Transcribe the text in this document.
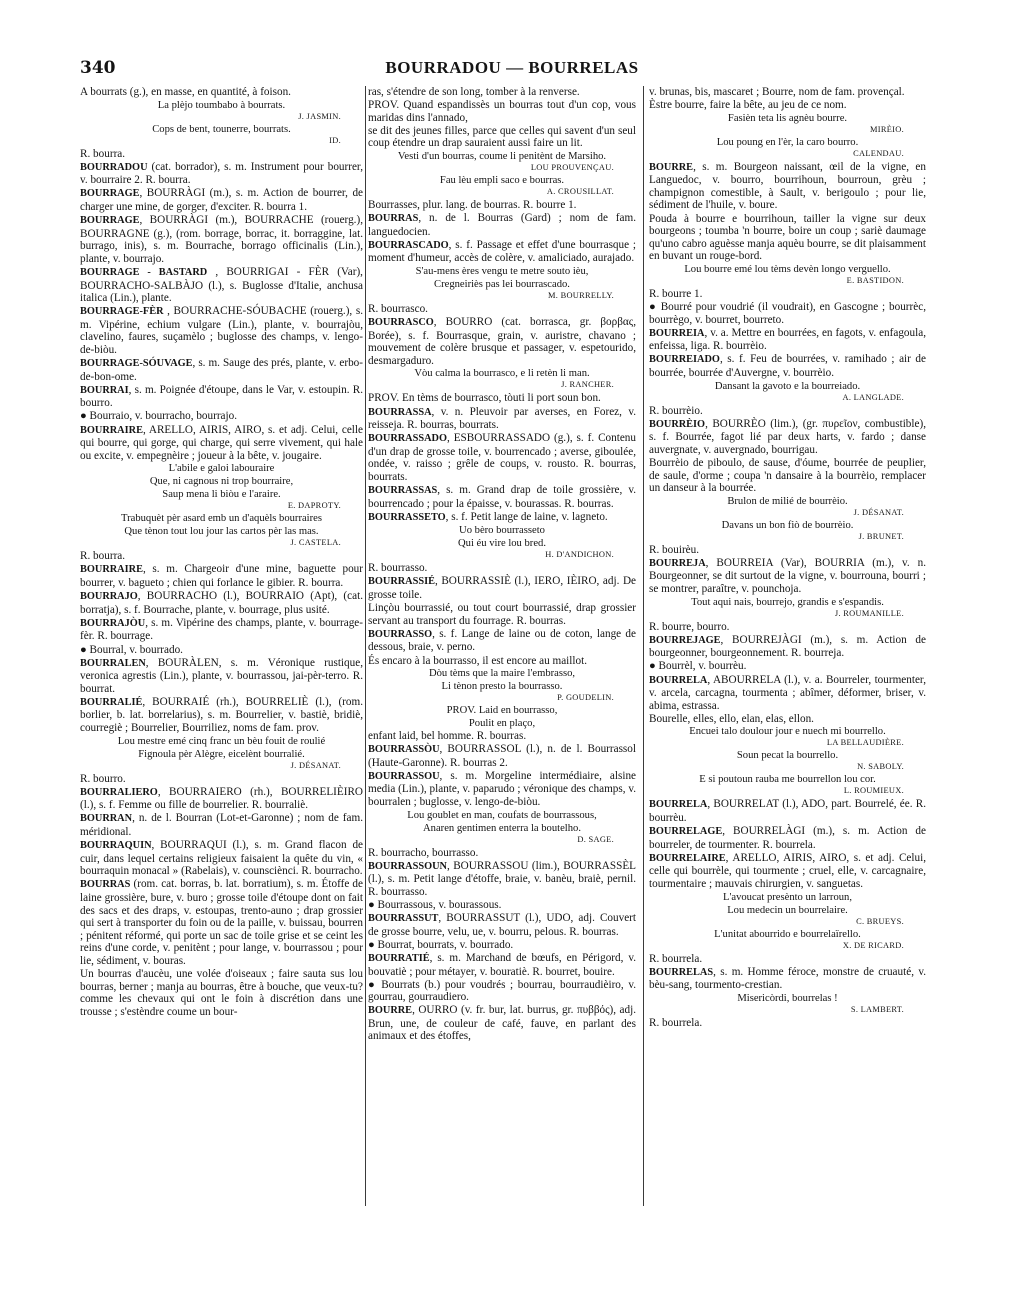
340	BOURRADOU — BOURRELAS
A bourrats (g.), en masse, en quantité, à foison.
La plèjo toumbabo à bourrats.
J. JASMIN.
Cops de bent, tounerre, bourrats.
ID.
R. bourra.
BOURRADOU (cat. borrador), s. m. Instrument pour bourrer, v. bourraire 2. R. bourra.
BOURRAGE, BOURRÀGI (m.), s. m. Action de bourrer, de charger une mine, de gorger, d'exciter. R. bourra 1.
BOURRAGE, BOURRÀGI (m.), BOURRACHE (rouerg.), BOURRAGNE (g.), (rom. borrage, borrac, it. borraggine, lat. burrago, inis), s. m. Bourrache, borrago officinalis (Lin.), plante, v. bourrajo.
BOURRAGE - BASTARD , BOURRIGAI - FÈR (Var), BOURRACHO-SALBÀJO (l.), s. Buglosse d'Italie, anchusa italica (Lin.), plante.
BOURRAGE-FÈR , BOURRACHE-SÓUBACHE (rouerg.), s. m. Vipérine, echium vulgare (Lin.), plante, v. bourrajòu, clavelino, faures, suçamèlo ; buglosse des champs, v. lengo-de-biòu.
BOURRAGE-SÓUVAGE, s. m. Sauge des prés, plante, v. erbo-de-bon-ome.
BOURRAI, s. m. Poignée d'étoupe, dans le Var, v. estoupin. R. bourro.
● Bourraio, v. bourracho, bourrajo.
BOURRAIRE, ARELLO, AIRIS, AIRO, s. et adj. Celui, celle qui bourre, qui gorge, qui charge, qui serre vivement, qui hale ou excite, v. empegnèire ; joueur à la bête, v. jougaire.
L'abile e galoi labouraire
Que, ni cagnous ni trop bourraire,
Saup mena li biòu e l'araire.
E. DAPROTY.
Trabuquèt pèr asard emb un d'aquèls bourraires
Que tènon tout lou jour las cartos pèr las mas.
J. CASTELA.
R. bourra.
BOURRAIRE, s. m. Chargeoir d'une mine, baguette pour bourrer, v. bagueto ; chien qui forlance le gibier. R. bourra.
BOURRAJO, BOURRACHO (l.), BOURRAIO (Apt), (cat. borratja), s. f. Bourrache, plante, v. bourrage, plus usité.
BOURRAJÒU, s. m. Vipérine des champs, plante, v. bourrage-fèr. R. bourrage.
● Bourral, v. bourrado.
BOURRALEN, BOURÀLEN, s. m. Véronique rustique, veronica agrestis (Lin.), plante, v. bourrassou, jai-pèr-terro. R. bourrat.
BOURRALIÉ, BOURRAIÉ (rh.), BOURRELIÈ (l.), (rom. borlier, b. lat. borrelarius), s. m. Bourrelier, v. bastiè, bridiè, courregiè ; Bourrelier, Bourriliez, noms de fam. prov.
Lou mestre emé cinq franc un bèu fouit de roulié
Fignoula pèr Alègre, eicelènt bourralié.
J. DÉSANAT.
R. bourro.
BOURRALIERO, BOURRAIERO (rh.), BOURRELIÈIRO (l.), s. f. Femme ou fille de bourrelier. R. bourraliè.
BOURRAN, n. de l. Bourran (Lot-et-Garonne) ; nom de fam. méridional.
BOURRAQUIN, BOURRAQUI (l.), s. m. Grand flacon de cuir, dans lequel certains religieux faisaient la quête du vin, « bourraquin monacal » (Rabelais), v. counsciènci. R. bourracho.
BOURRAS (rom. cat. borras, b. lat. borratium), s. m. Étoffe de laine grossière, bure, v. buro ; grosse toile d'étoupe dont on fait des sacs et des draps, v. estoupas, trento-auno ; drap grossier qui sert à transporter du foin ou de la paille, v. buissau, bourren ; pénitent réformé, qui porte un sac de toile grise et se ceint les reins d'une corde, v. penitènt ; pour lange, v. bourrassou ; pour lie, sédiment, v. bouras.
Un bourras d'aucèu, une volée d'oiseaux ; faire sauta sus lou bourras, berner ; manja au bourras, être à bouche, que veux-tu? comme les chevaux qui ont le foin à discrétion dans une trousse ; s'estèndre coume un bour-
ras, s'étendre de son long, tomber à la renverse.
PROV. Quand espandissès un bourras tout d'un cop, vous maridas dins l'annado,
se dit des jeunes filles, parce que celles qui savent d'un seul coup étendre un drap sauraient aussi faire un lit.
Vesti d'un bourras, coume li penitènt de Marsiho.
LOU PROUVENÇAU.
Fau lèu empli saco e bourras.
A. CROUSILLAT.
Bourrasses, plur. lang. de bourras. R. bourre 1.
BOURRAS, n. de l. Bourras (Gard) ; nom de fam. languedocien.
BOURRASCADO, s. f. Passage et effet d'une bourrasque ; moment d'humeur, accès de colère, v. amaliciado, aurajado.
S'au-mens ères vengu te metre souto ièu,
Cregneiriès pas lei bourrascado.
M. BOURRELLY.
R. bourrasco.
BOURRASCO, BOURRO (cat. borrasca, gr. βορβας, Borée), s. f. Bourrasque, grain, v. auristre, chavano ; mouvement de colère brusque et passager, v. espetourido, desmargaduro.
Vòu calma la bourrasco, e li retèn li man.
J. RANCHER.
PROV. En tèms de bourrasco, tòuti li port soun bon.
BOURRASSA, v. n. Pleuvoir par averses, en Forez, v. reisseja. R. bourras, bourrats.
BOURRASSADO, ESBOURRASSADO (g.), s. f. Contenu d'un drap de grosse toile, v. bourrencado ; averse, giboulée, ondée, v. raisso ; grêle de coups, v. rousto. R. bourras, bourrats.
BOURRASSAS, s. m. Grand drap de toile grossière, v. bourrencado ; pour la épaisse, v. bourassas. R. bourras.
BOURRASSETO, s. f. Petit lange de laine, v. lagneto.
Uo bèro bourrasseto
Qui éu vire lou bred.
H. D'ANDICHON.
R. bourrasso.
BOURRASSIÉ, BOURRASSIÈ (l.), IERO, IÈIRO, adj. De grosse toile.
Linçòu bourrassié, ou tout court bourrassié, drap grossier servant au transport du fourrage. R. bourras.
BOURRASSO, s. f. Lange de laine ou de coton, lange de dessous, braie, v. perno.
És encaro à la bourrasso, il est encore au maillot.
Dòu tèms que la maire l'embrasso,
Li tènon presto la bourrasso.
P. GOUDELIN.
PROV. Laid en bourrasso,
Poulit en plaço,
enfant laid, bel homme. R. bourras.
BOURRASSÒU, BOURRASSOL (l.), n. de l. Bourrassol (Haute-Garonne). R. bourras 2.
BOURRASSOU, s. m. Morgeline intermédiaire, alsine media (Lin.), plante, v. paparudo ; véronique des champs, v. bourralen ; buglosse, v. lengo-de-biòu.
Lou goublet en man, coufats de bourrassous,
Anaren gentimen enterra la boutelho.
D. SAGE.
R. bourracho, bourrasso.
BOURRASSOUN, BOURRASSOU (lim.), BOURRASSÈL (l.), s. m. Petit lange d'étoffe, braie, v. banèu, braiè, pernil. R. bourrasso.
● Bourrassous, v. bourassous.
BOURRASSUT, BOURRASSUT (l.), UDO, adj. Couvert de grosse bourre, velu, ue, v. bourru, pelous. R. bourras.
● Bourrat, bourrats, v. bourrado.
BOURRATIÉ, s. m. Marchand de bœufs, en Périgord, v. bouvatiè ; pour métayer, v. bouratiè. R. bourret, bouire.
● Bourrats (b.) pour voudrés ; bourrau, bourraudièiro, v. gourrau, gourraudiero.
BOURRE, OURRO (v. fr. bur, lat. burrus, gr. πυββός), adj. Brun, une, de couleur de café, fauve, en parlant des animaux et des étoffes,
v. brunas, bis, mascaret ; Bourre, nom de fam. provençal.
Èstre bourre, faire la bête, au jeu de ce nom.
Fasièn teta lis agnèu bourre.
MIRÈIO.
Lou poung en l'èr, la caro bourro.
CALENDAU.
BOURRE, s. m. Bourgeon naissant, œil de la vigne, en Languedoc, v. bourro, bourrihoun, bourroun, grèu ; champignon comestible, à Sault, v. berigoulo ; pour lie, sédiment de l'huile, v. boure.
Pouda à bourre e bourrihoun, tailler la vigne sur deux bourgeons ; toumba 'n bourre, boire un coup ; sariè daumage qu'uno cabro aguèsse manja aquèu bourre, se dit plaisamment en buvant un rouge-bord.
Lou bourre emé lou tèms devèn longo verguello.
E. BASTIDON.
R. bourre 1.
● Bourré pour voudrié (il voudrait), en Gascogne ; bourrèc, bourrègo, v. bourret, bourreto.
BOURREIA, v. a. Mettre en bourrées, en fagots, v. enfagoula, enfeissa, liga. R. bourrèio.
BOURREIADO, s. f. Feu de bourrées, v. ramihado ; air de bourrée, bourrée d'Auvergne, v. bourrèio.
Dansant la gavoto e la bourreiado.
A. LANGLADE.
R. bourrèio.
BOURRÈIO, BOURRÈO (lim.), (gr. πυρεῖον, combustible), s. f. Bourrée, fagot lié par deux harts, v. fardo ; danse auvergnate, v. auvergnado, bourrigau.
Bourrèio de piboulo, de sause, d'óume, bourrée de peuplier, de saule, d'orme ; coupa 'n dansaire à la bourrèio, remplacer un danseur à la bourrée.
Brulon de milié de bourrèio.
J. DÉSANAT.
Davans un bon fiò de bourrèio.
J. BRUNET.
R. bouirèu.
BOURREJA, BOURREIA (Var), BOURRIA (m.), v. n. Bourgeonner, se dit surtout de la vigne, v. bourrouna, bourri ; se montrer, paraître, v. pounchoja.
Tout aqui nais, bourrejo, grandis e s'espandis.
J. ROUMANILLE.
R. bourre, bourro.
BOURREJAGE, BOURREJÀGI (m.), s. m. Action de bourgeonner, bourgeonnement. R. bourreja.
● Bourrèl, v. bourrèu.
BOURRELA, ABOURRELA (l.), v. a. Bourreler, tourmenter, v. arcela, carcagna, tourmenta ; abîmer, déformer, briser, v. abima, estrassa.
Bourelle, elles, ello, elan, elas, ellon.
Encuei talo doulour jour e nuech mi bourrello.
LA BELLAUDIÈRE.
Soun pecat la bourrello.
N. SABOLY.
E si poutoun rauba me bourrellon lou cor.
L. ROUMIEUX.
BOURRELA, BOURRELAT (l.), ADO, part. Bourrelé, ée. R. bourrèu.
BOURRELAGE, BOURRELÀGI (m.), s. m. Action de bourreler, de tourmenter. R. bourrela.
BOURRELAIRE, ARELLO, AIRIS, AIRO, s. et adj. Celui, celle qui bourrèle, qui tourmente ; cruel, elle, v. carcagnaire, tourmentaire ; mauvais chirurgien, v. sanguetas.
L'avoucat presènto un larroun,
Lou medecin un bourrelaire.
C. BRUEYS.
L'unitat abourrido e bourrelaïrello.
X. DE RICARD.
R. bourrela.
BOURRELAS, s. m. Homme féroce, monstre de cruauté, v. bèu-sang, tourmento-crestian.
Misericòrdi, bourrelas !
S. LAMBERT.
R. bourrela.
